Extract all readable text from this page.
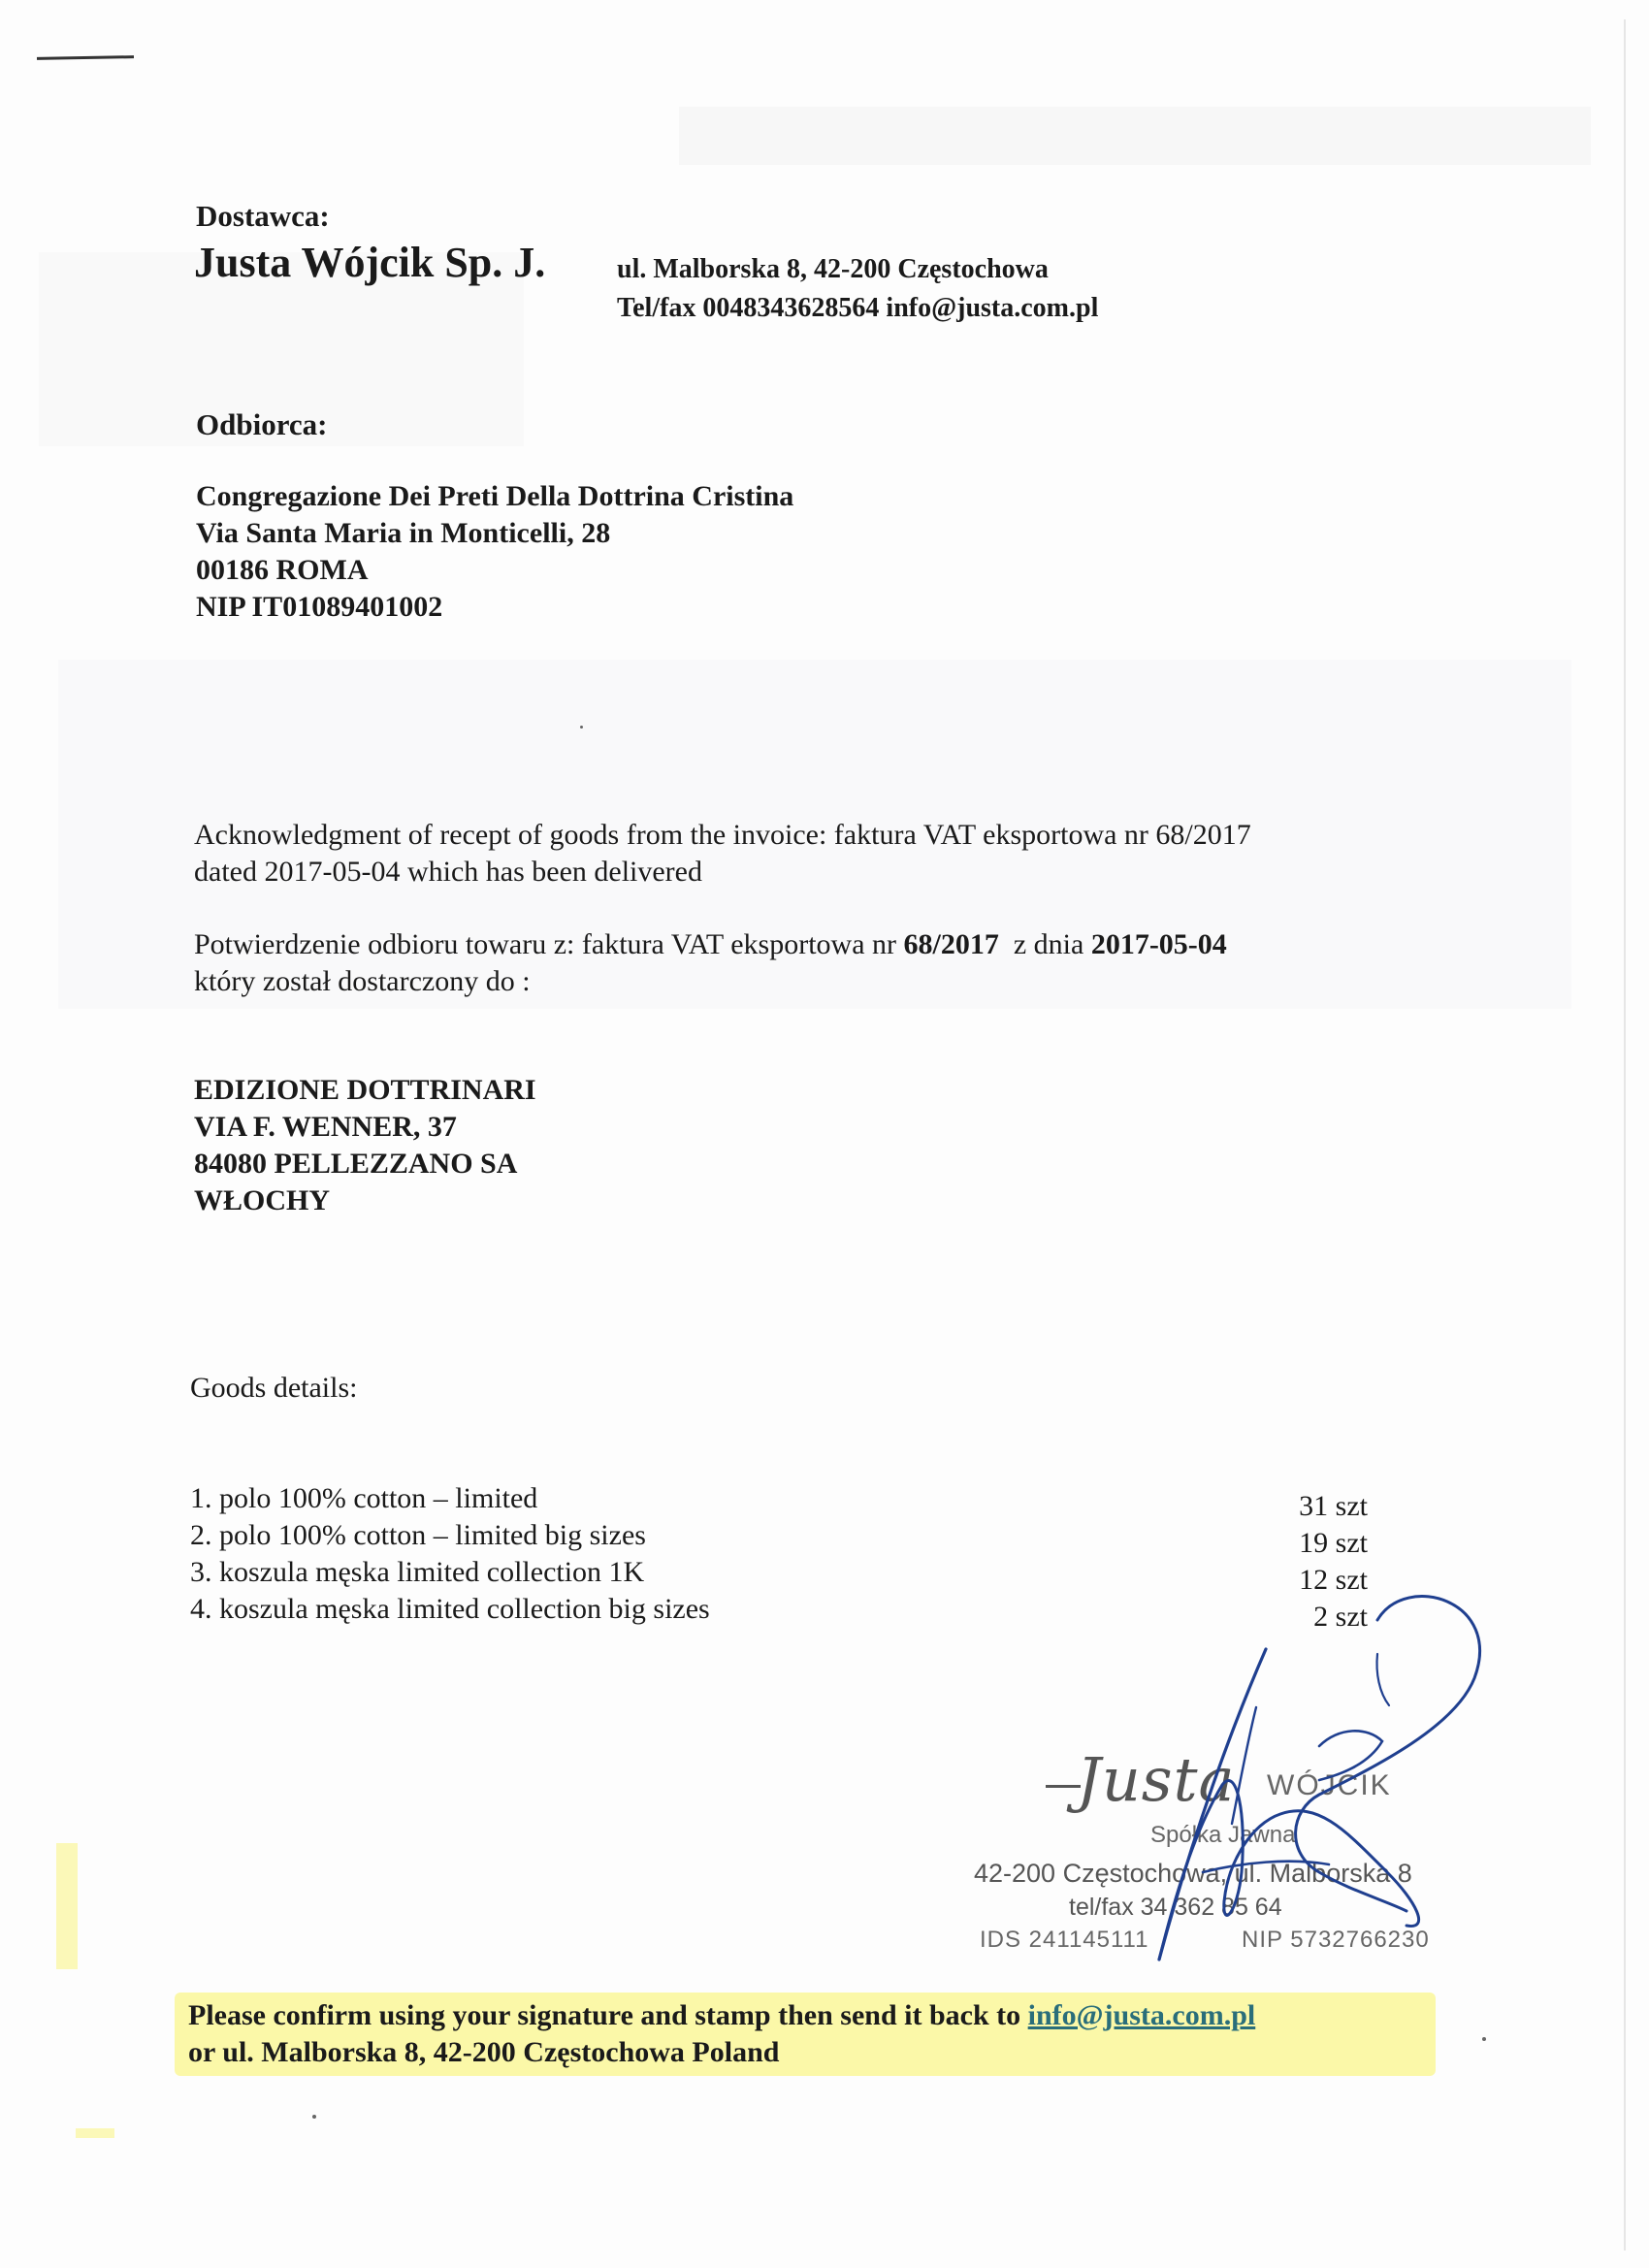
Dostawca:
Justa Wójcik Sp. J.	ul. Malborska 8, 42-200 Częstochowa
Tel/fax 0048343628564 info@justa.com.pl
Odbiorca:
Congregazione Dei Preti Della Dottrina Cristina
Via Santa Maria in Monticelli, 28
00186 ROMA
NIP IT01089401002
Acknowledgment of recept of goods from the invoice: faktura VAT eksportowa nr 68/2017
dated 2017-05-04 which has been delivered
Potwierdzenie odbioru towaru z: faktura VAT eksportowa nr 68/2017  z dnia 2017-05-04
który został dostarczony do :
EDIZIONE DOTTRINARI
VIA F. WENNER, 37
84080 PELLEZZANO SA
WŁOCHY
Goods details:
1. polo 100% cotton – limited
2. polo 100% cotton – limited big sizes
3. koszula męska limited collection 1K
4. koszula męska limited collection big sizes
31 szt
19 szt
12 szt
2 szt
Justa WÓJCIK
Spółka Jawna
42-200 Częstochowa, ul. Malborska 8
tel/fax 34 362 85 64
IDS 241145111	NIP 5732766230
Please confirm using your signature and stamp then send it back to info@justa.com.pl
or ul. Malborska 8, 42-200 Częstochowa Poland
